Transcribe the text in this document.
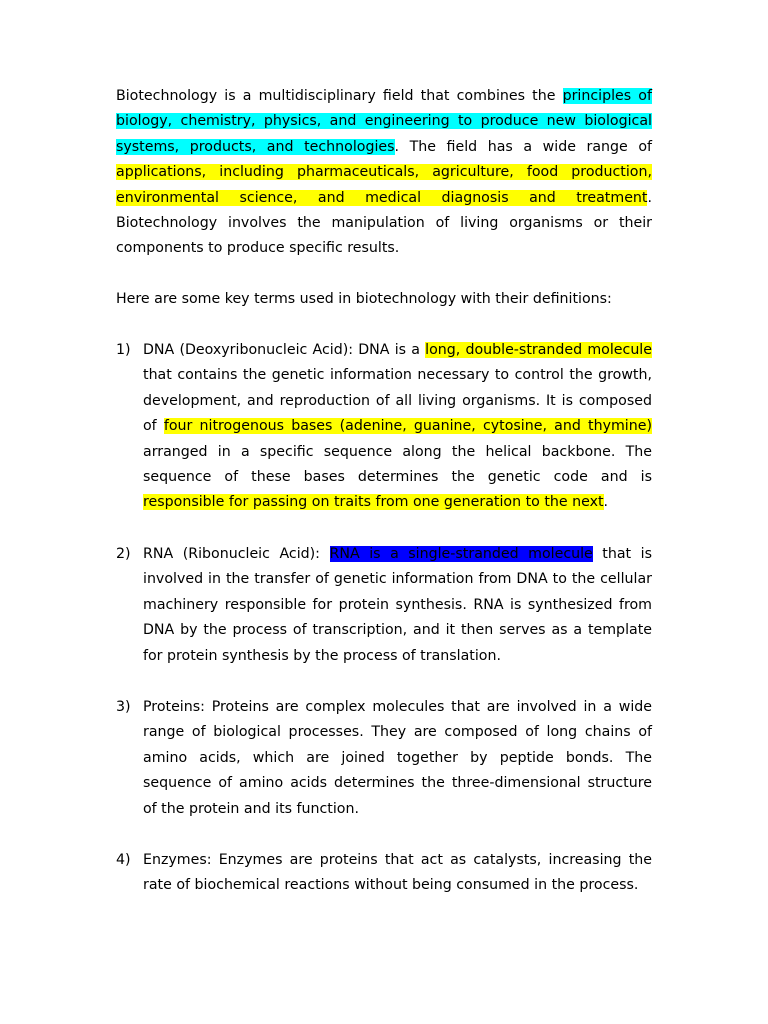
Biotechnology is a multidisciplinary field that combines the principles of biology, chemistry, physics, and engineering to produce new biological systems, products, and technologies. The field has a wide range of applications, including pharmaceuticals, agriculture, food production, environmental science, and medical diagnosis and treatment. Biotechnology involves the manipulation of living organisms or their components to produce specific results.

Here are some key terms used in biotechnology with their definitions:

1) DNA (Deoxyribonucleic Acid): DNA is a long, double-stranded molecule that contains the genetic information necessary to control the growth, development, and reproduction of all living organisms. It is composed of four nitrogenous bases (adenine, guanine, cytosine, and thymine) arranged in a specific sequence along the helical backbone. The sequence of these bases determines the genetic code and is responsible for passing on traits from one generation to the next.
2) RNA (Ribonucleic Acid): RNA is a single-stranded molecule that is involved in the transfer of genetic information from DNA to the cellular machinery responsible for protein synthesis. RNA is synthesized from DNA by the process of transcription, and it then serves as a template for protein synthesis by the process of translation.
3) Proteins: Proteins are complex molecules that are involved in a wide range of biological processes. They are composed of long chains of amino acids, which are joined together by peptide bonds. The sequence of amino acids determines the three-dimensional structure of the protein and its function.
4) Enzymes: Enzymes are proteins that act as catalysts, increasing the rate of biochemical reactions without being consumed in the process.
